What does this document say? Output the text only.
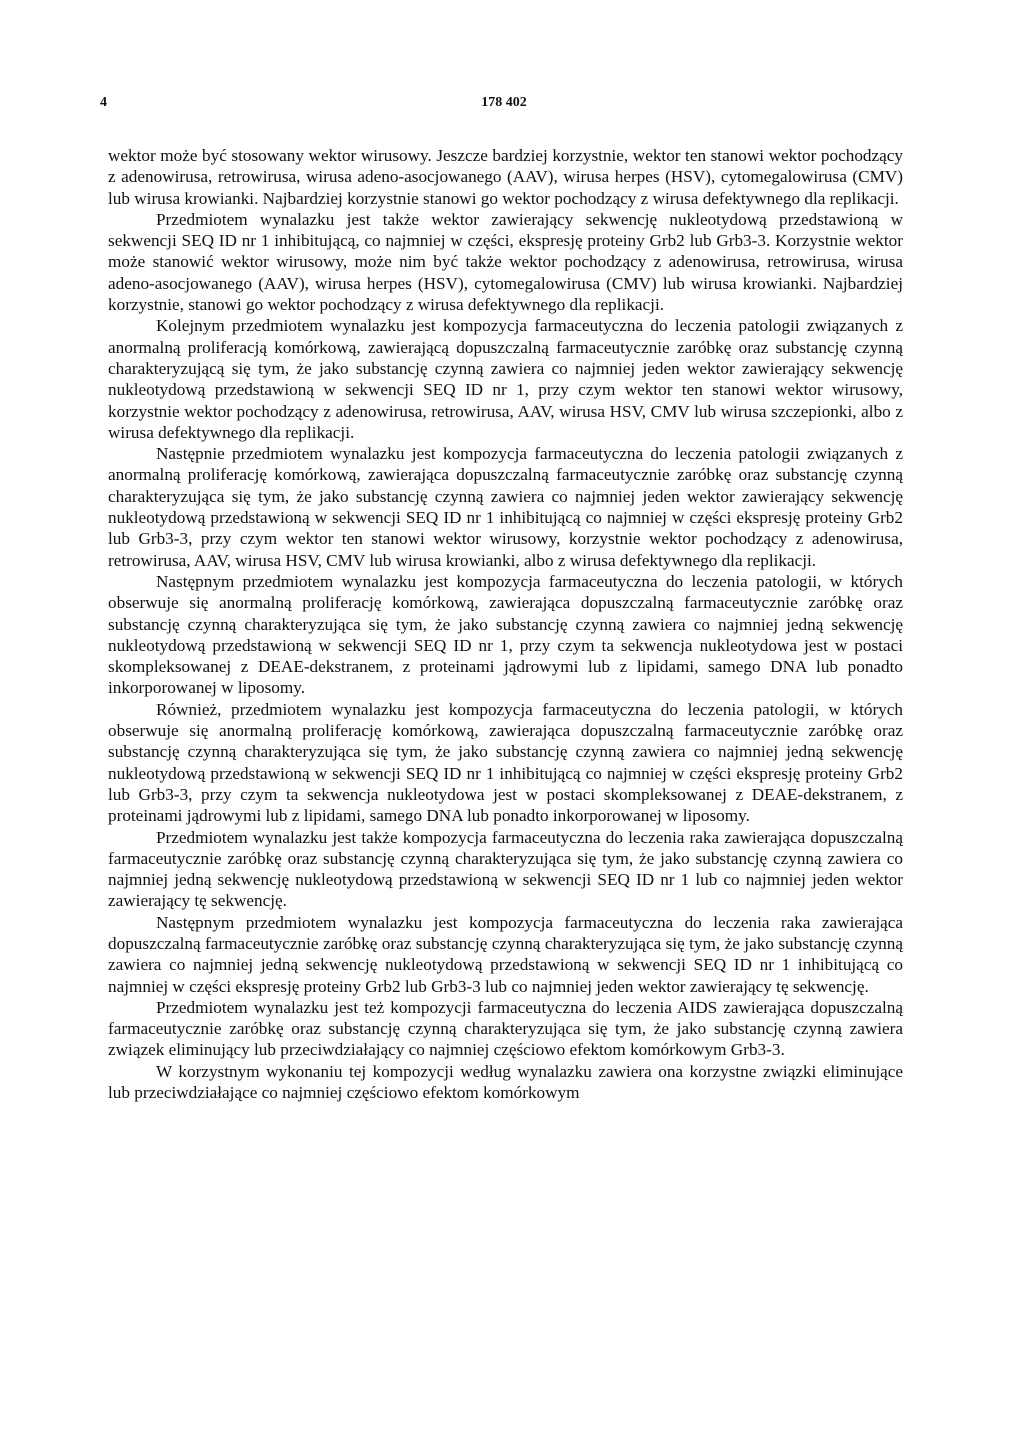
4	178 402

wektor może być stosowany wektor wirusowy. Jeszcze bardziej korzystnie, wektor ten stanowi wektor pochodzący z adenowirusa, retrowirusa, wirusa adeno-asocjowanego (AAV), wirusa herpes (HSV), cytomegalowirusa (CMV) lub wirusa krowianki. Najbardziej korzystnie stanowi go wektor pochodzący z wirusa defektywnego dla replikacji.

Przedmiotem wynalazku jest także wektor zawierający sekwencję nukleotydową przedstawioną w sekwencji SEQ ID nr 1 inhibitującą, co najmniej w części, ekspresję proteiny Grb2 lub Grb3-3. Korzystnie wektor może stanowić wektor wirusowy, może nim być także wektor pochodzący z adenowirusa, retrowirusa, wirusa adeno-asocjowanego (AAV), wirusa herpes (HSV), cytomegalowirusa (CMV) lub wirusa krowianki. Najbardziej korzystnie, stanowi go wektor pochodzący z wirusa defektywnego dla replikacji.

Kolejnym przedmiotem wynalazku jest kompozycja farmaceutyczna do leczenia patologii związanych z anormalną proliferacją komórkową, zawierającą dopuszczalną farmaceutycznie zaróbkę oraz substancję czynną charakteryzującą się tym, że jako substancję czynną zawiera co najmniej jeden wektor zawierający sekwencję nukleotydową przedstawioną w sekwencji SEQ ID nr 1, przy czym wektor ten stanowi wektor wirusowy, korzystnie wektor pochodzący z adenowirusa, retrowirusa, AAV, wirusa HSV, CMV lub wirusa szczepionki, albo z wirusa defektywnego dla replikacji.

Następnie przedmiotem wynalazku jest kompozycja farmaceutyczna do leczenia patologii związanych z anormalną proliferację komórkową, zawierająca dopuszczalną farmaceutycznie zaróbkę oraz substancję czynną charakteryzująca się tym, że jako substancję czynną zawiera co najmniej jeden wektor zawierający sekwencję nukleotydową przedstawioną w sekwencji SEQ ID nr 1 inhibitującą co najmniej w części ekspresję proteiny Grb2 lub Grb3-3, przy czym wektor ten stanowi wektor wirusowy, korzystnie wektor pochodzący z adenowirusa, retrowirusa, AAV, wirusa HSV, CMV lub wirusa krowianki, albo z wirusa defektywnego dla replikacji.

Następnym przedmiotem wynalazku jest kompozycja farmaceutyczna do leczenia patologii, w których obserwuje się anormalną proliferację komórkową, zawierająca dopuszczalną farmaceutycznie zaróbkę oraz substancję czynną charakteryzująca się tym, że jako substancję czynną zawiera co najmniej jedną sekwencję nukleotydową przedstawioną w sekwencji SEQ ID nr 1, przy czym ta sekwencja nukleotydowa jest w postaci skompleksowanej z DEAE-dekstranem, z proteinami jądrowymi lub z lipidami, samego DNA lub ponadto inkorporowanej w liposomy.

Również, przedmiotem wynalazku jest kompozycja farmaceutyczna do leczenia patologii, w których obserwuje się anormalną proliferację komórkową, zawierająca dopuszczalną farmaceutycznie zaróbkę oraz substancję czynną charakteryzująca się tym, że jako substancję czynną zawiera co najmniej jedną sekwencję nukleotydową przedstawioną w sekwencji SEQ ID nr 1 inhibitującą co najmniej w części ekspresję proteiny Grb2 lub Grb3-3, przy czym ta sekwencja nukleotydowa jest w postaci skompleksowanej z DEAE-dekstranem, z proteinami jądrowymi lub z lipidami, samego DNA lub ponadto inkorporowanej w liposomy.

Przedmiotem wynalazku jest także kompozycja farmaceutyczna do leczenia raka zawierająca dopuszczalną farmaceutycznie zaróbkę oraz substancję czynną charakteryzująca się tym, że jako substancję czynną zawiera co najmniej jedną sekwencję nukleotydową przedstawioną w sekwencji SEQ ID nr 1 lub co najmniej jeden wektor zawierający tę sekwencję.

Następnym przedmiotem wynalazku jest kompozycja farmaceutyczna do leczenia raka zawierająca dopuszczalną farmaceutycznie zaróbkę oraz substancję czynną charakteryzująca się tym, że jako substancję czynną zawiera co najmniej jedną sekwencję nukleotydową przedstawioną w sekwencji SEQ ID nr 1 inhibitującą co najmniej w części ekspresję proteiny Grb2 lub Grb3-3 lub co najmniej jeden wektor zawierający tę sekwencję.

Przedmiotem wynalazku jest też kompozycji farmaceutyczna do leczenia AIDS zawierająca dopuszczalną farmaceutycznie zaróbkę oraz substancję czynną charakteryzująca się tym, że jako substancję czynną zawiera związek eliminujący lub przeciwdziałający co najmniej częściowo efektom komórkowym Grb3-3.

W korzystnym wykonaniu tej kompozycji według wynalazku zawiera ona korzystne związki eliminujące lub przeciwdziałające co najmniej częściowo efektom komórkowym
